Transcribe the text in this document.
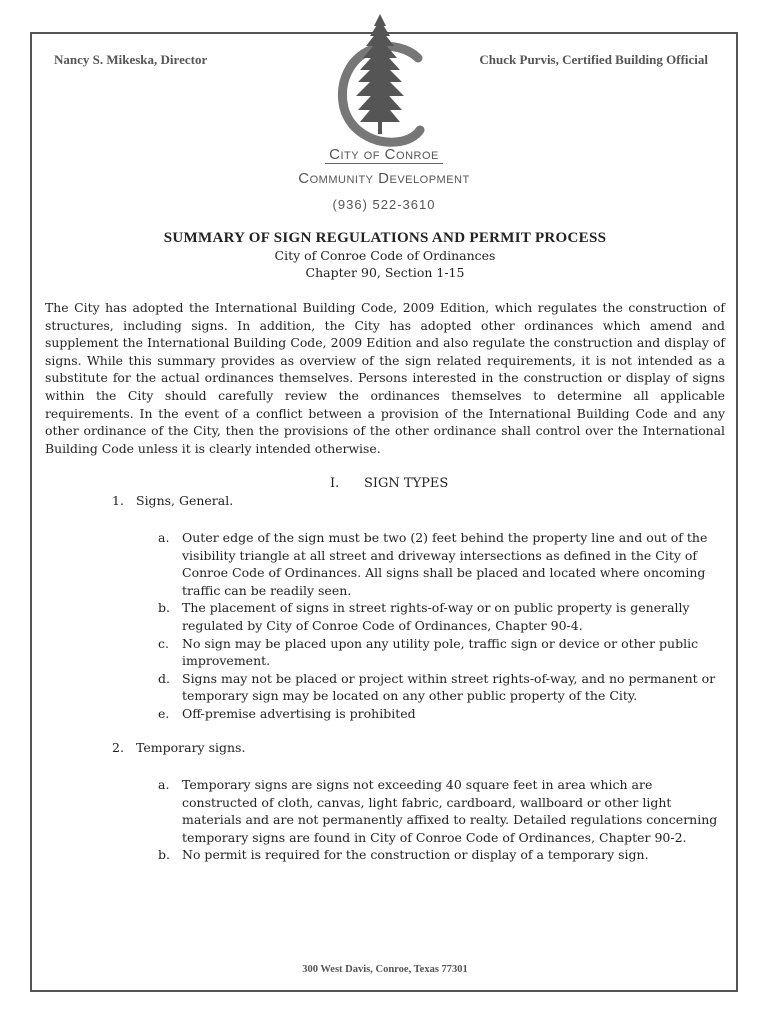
Nancy S. Mikeska, Director	Chuck Purvis, Certified Building Official
City of Conroe
Community Development
(936) 522-3610
SUMMARY OF SIGN REGULATIONS AND PERMIT PROCESS
City of Conroe Code of Ordinances
Chapter 90, Section 1-15

The City has adopted the International Building Code, 2009 Edition, which regulates the construction of structures, including signs. In addition, the City has adopted other ordinances which amend and supplement the International Building Code, 2009 Edition and also regulate the construction and display of signs. While this summary provides as overview of the sign related requirements, it is not intended as a substitute for the actual ordinances themselves. Persons interested in the construction or display of signs within the City should carefully review the ordinances themselves to determine all applicable requirements. In the event of a conflict between a provision of the International Building Code and any other ordinance of the City, then the provisions of the other ordinance shall control over the International Building Code unless it is clearly intended otherwise.

I. SIGN TYPES
1. Signs, General.
a.	Outer edge of the sign must be two (2) feet behind the property line and out of the visibility triangle at all street and driveway intersections as defined in the City of Conroe Code of Ordinances. All signs shall be placed and located where oncoming traffic can be readily seen.
b. The placement of signs in street rights-of-way or on public property is generally regulated by City of Conroe Code of Ordinances, Chapter 90-4.
c.	No sign may be placed upon any utility pole, traffic sign or device or other public improvement.
d. Signs may not be placed or project within street rights-of-way, and no permanent or temporary sign may be located on any other public property of the City.
e.	Off-premise advertising is prohibited
2. Temporary signs.
a.	Temporary signs are signs not exceeding 40 square feet in area which are constructed of cloth, canvas, light fabric, cardboard, wallboard or other light materials and are not permanently affixed to realty. Detailed regulations concerning temporary signs are found in City of Conroe Code of Ordinances, Chapter 90-2.
b. No permit is required for the construction or display of a temporary sign.
300 West Davis, Conroe, Texas 77301
